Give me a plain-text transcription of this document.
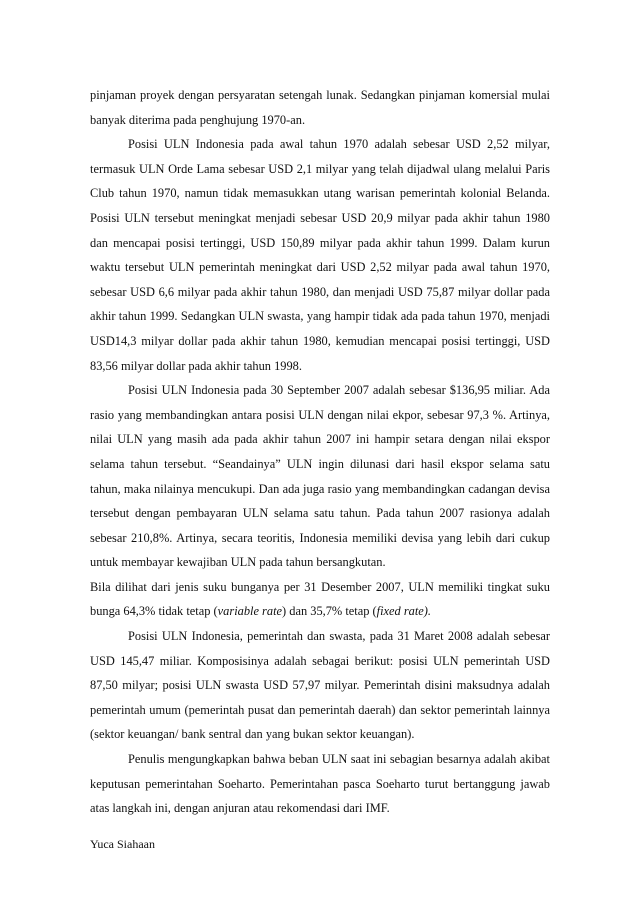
pinjaman proyek dengan persyaratan setengah lunak. Sedangkan pinjaman komersial mulai banyak diterima pada penghujung 1970-an.

Posisi ULN Indonesia pada awal tahun 1970 adalah sebesar USD 2,52 milyar, termasuk ULN Orde Lama sebesar USD 2,1 milyar yang telah dijadwal ulang melalui Paris Club tahun 1970, namun tidak memasukkan utang warisan pemerintah kolonial Belanda. Posisi ULN tersebut meningkat menjadi sebesar USD 20,9 milyar pada akhir tahun 1980 dan mencapai posisi tertinggi, USD 150,89 milyar pada akhir tahun 1999. Dalam kurun waktu tersebut ULN pemerintah meningkat dari USD 2,52 milyar pada awal tahun 1970, sebesar USD 6,6 milyar pada akhir tahun 1980, dan menjadi USD 75,87 milyar dollar pada akhir tahun 1999. Sedangkan ULN swasta, yang hampir tidak ada pada tahun 1970, menjadi USD14,3 milyar dollar pada akhir tahun 1980, kemudian mencapai posisi tertinggi, USD 83,56 milyar dollar pada akhir tahun 1998.

Posisi ULN Indonesia pada 30 September 2007 adalah sebesar $136,95 miliar. Ada rasio yang membandingkan antara posisi ULN dengan nilai ekpor, sebesar 97,3 %. Artinya, nilai ULN yang masih ada pada akhir tahun 2007 ini hampir setara dengan nilai ekspor selama tahun tersebut. “Seandainya” ULN ingin dilunasi dari hasil ekspor selama satu tahun, maka nilainya mencukupi. Dan ada juga rasio yang membandingkan cadangan devisa tersebut dengan pembayaran ULN selama satu tahun. Pada tahun 2007 rasionya adalah sebesar 210,8%. Artinya, secara teoritis, Indonesia memiliki devisa yang lebih dari cukup untuk membayar kewajiban ULN pada tahun bersangkutan.

Bila dilihat dari jenis suku bunganya per 31 Desember 2007, ULN memiliki tingkat suku bunga 64,3% tidak tetap (variable rate) dan 35,7% tetap (fixed rate).

Posisi ULN Indonesia, pemerintah dan swasta, pada 31 Maret 2008 adalah sebesar USD 145,47 miliar. Komposisinya adalah sebagai berikut: posisi ULN pemerintah USD 87,50 milyar; posisi ULN swasta USD 57,97 milyar. Pemerintah disini maksudnya adalah pemerintah umum (pemerintah pusat dan pemerintah daerah) dan sektor pemerintah lainnya (sektor keuangan/ bank sentral dan yang bukan sektor keuangan).

Penulis mengungkapkan bahwa beban ULN saat ini sebagian besarnya adalah akibat keputusan pemerintahan Soeharto. Pemerintahan pasca Soeharto turut bertanggung jawab atas langkah ini, dengan anjuran atau rekomendasi dari IMF.

Yuca Siahaan
